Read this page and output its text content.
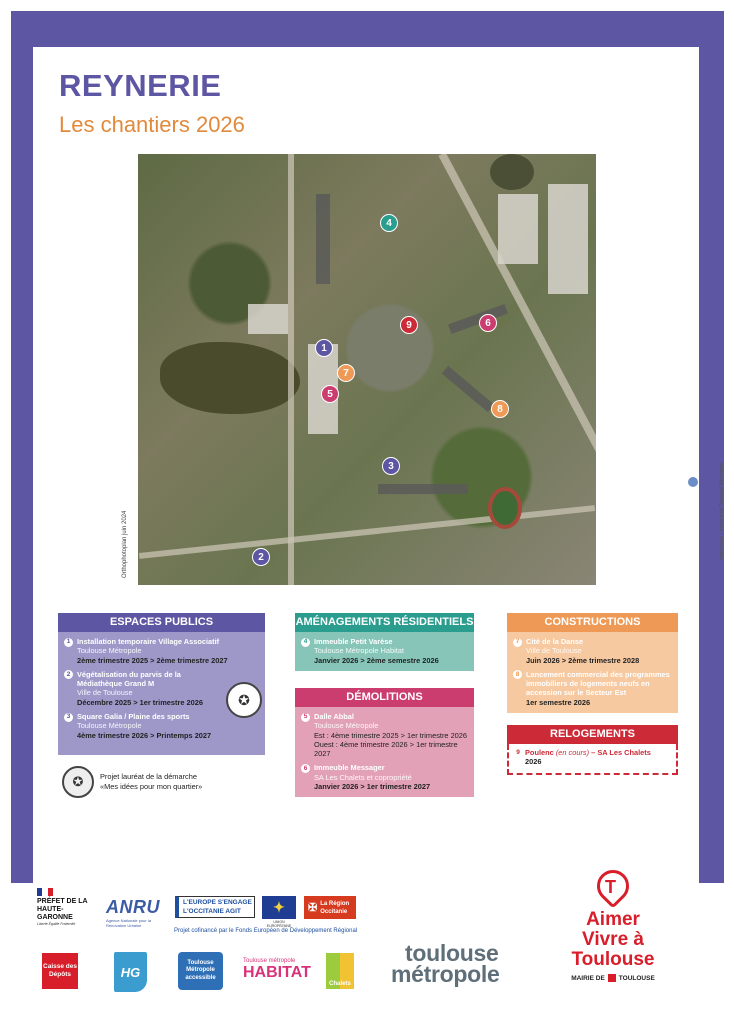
REYNERIE
Les chantiers 2026
1
2
3
4
5
6
7
8
9
Orthophotoplan juin 2024	Impression : Imprimerie Toulouse Métropole
ESPACES PUBLICS
1 Installation temporaire Village Associatif
Toulouse Métropole
2ème trimestre 2025 > 2ème trimestre 2027
2 Végétalisation du parvis de la Médiathèque Grand M
Ville de Toulouse
Décembre 2025 > 1er trimestre 2026
3 Square Galia / Plaine des sports
Toulouse Métropole
4ème trimestre 2026 > Printemps 2027
✪
AMÉNAGEMENTS RÉSIDENTIELS
4 Immeuble Petit Varèse
Toulouse Métropole Habitat
Janvier 2026 > 2ème semestre 2026
DÉMOLITIONS
5 Dalle Abbal
Toulouse Métropole
Est : 4ème trimestre 2025 > 1er trimestre 2026
Ouest : 4ème trimestre 2026 > 1er trimestre 2027
6 Immeuble Messager
SA Les Chalets et copropriété
Janvier 2026 > 1er trimestre 2027
CONSTRUCTIONS
7 Cité de la Danse
Ville de Toulouse
Juin 2026 > 2ème trimestre 2028
8 Lancement commercial des programmes immobiliers de logements neufs en accession sur le Secteur Est
1er semestre 2026
RELOGEMENTS
9 Poulenc (en cours) – SA Les Chalets
2026
✪	Projet lauréat de la démarche
«Mes idées pour mon quartier»
PRÉFET DE LA HAUTE-GARONNE
Liberté Égalité Fraternité
ANRU
Agence Nationale pour la Rénovation Urbaine
L'EUROPE S'ENGAGE
L'OCCITANIE AGIT	✦
UNION EUROPÉENNE
✠ La Région Occitanie
Projet cofinancé par le Fonds Européen de Développement Régional
Caisse des Dépôts	HG
Toulouse Métropole accessible
Toulouse métropole
HABITAT
Chalets
toulouse
métropole
T
Aimer
Vivre à
Toulouse
MAIRIE DE TOULOUSE
